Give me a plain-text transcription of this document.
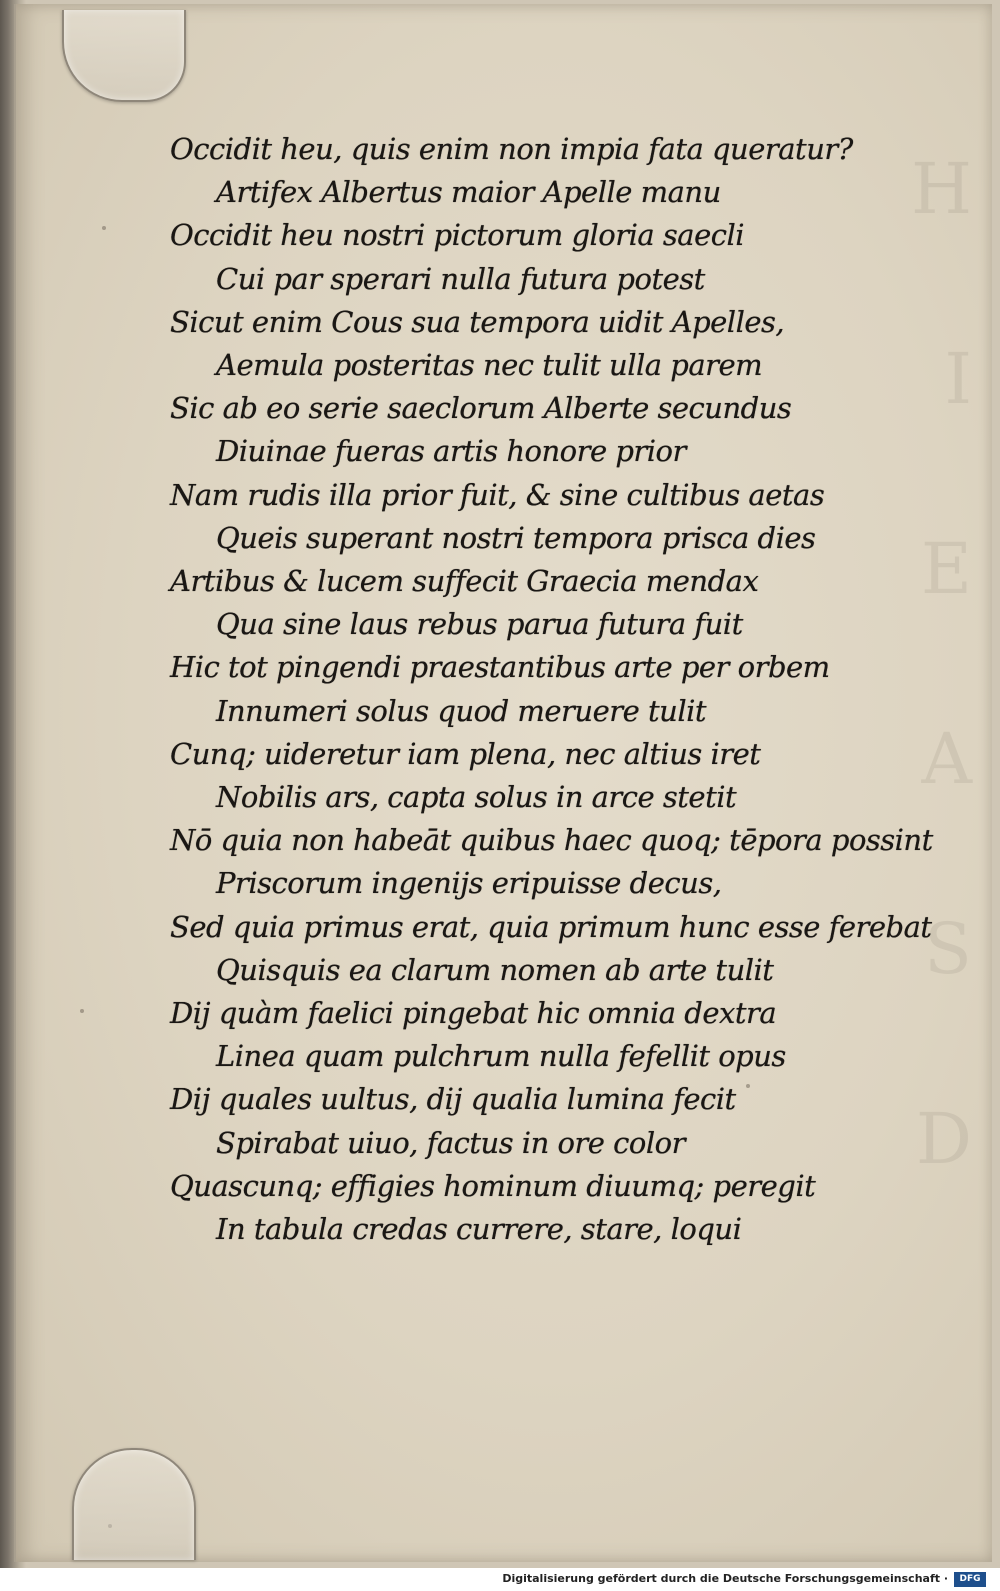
H
I
E
A
S
D
Occidit heu, quis enim non impia fata queratur?
Artifex Albertus maior Apelle manu
Occidit heu nostri pictorum gloria saecli
Cui par sperari nulla futura potest
Sicut enim Cous sua tempora uidit Apelles,
Aemula posteritas nec tulit ulla parem
Sic ab eo serie saeclorum Alberte secundus
Diuinae fueras artis honore prior
Nam rudis illa prior fuit, & sine cultibus aetas
Queis superant nostri tempora prisca dies
Artibus & lucem suffecit Graecia mendax
Qua sine laus rebus parua futura fuit
Hic tot pingendi praestantibus arte per orbem
Innumeri solus quod meruere tulit
Cunq; uideretur iam plena, nec altius iret
Nobilis ars, capta solus in arce stetit
Nō quia non habeāt quibus haec quoq; tēpora possint
Priscorum ingenijs eripuisse decus,
Sed quia primus erat, quia primum hunc esse ferebat
Quisquis ea clarum nomen ab arte tulit
Dij quàm faelici pingebat hic omnia dextra
Linea quam pulchrum nulla fefellit opus
Dij quales uultus, dij qualia lumina fecit
Spirabat uiuo, factus in ore color
Quascunq; effigies hominum diuumq; peregit
In tabula credas currere, stare, loqui
Digitalisierung gefördert durch die Deutsche Forschungsgemeinschaft ·	DFG
